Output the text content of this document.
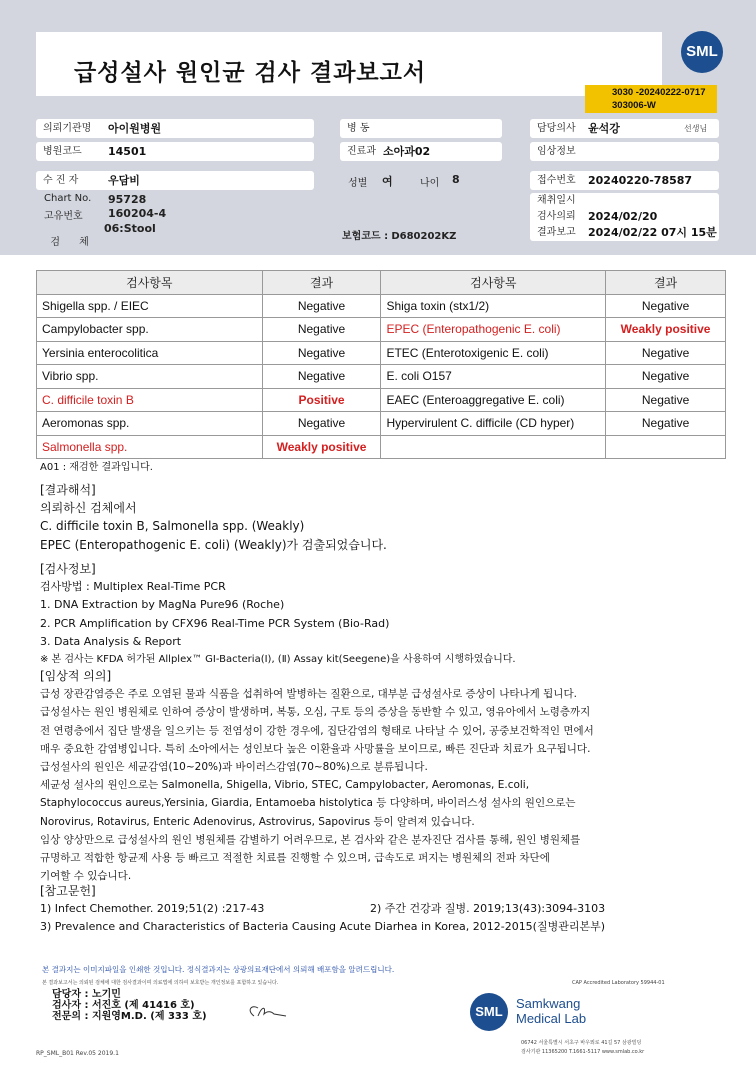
급성설사 원인균 검사 결과보고서
SML
3030 -20240222-0717
303006-W
의뢰기관명 아이원병원
병원코드 14501
수 진 자	우담비
Chart No. 95728
고유번호 160204-4

검      체

06:Stool

병 동
진료과 소아과02
성별 여	나이 8
보험코드 : D680202KZ
담당의사 윤석강	선생님
임상정보
접수번호 20240220-78587
채취일시
검사의뢰 2024/02/20
결과보고 2024/02/22 07시 15분
검사항목	결과	검사항목	결과
Shigella spp. / EIEC	Negative	Shiga toxin (stx1/2)	Negative
Campylobacter spp.	Negative	EPEC (Enteropathogenic E. coli)	Weakly positive
Yersinia enterocolitica	Negative	ETEC (Enterotoxigenic E. coli)	Negative
Vibrio spp.	Negative	E. coli O157	Negative
C. difficile toxin B	Positive	EAEC (Enteroaggregative E. coli)	Negative
Aeromonas spp.	Negative	Hypervirulent C. difficile (CD hyper)	Negative
Salmonella spp.	Weakly positive		
A01 : 재검한 결과입니다.
[결과해석]
의뢰하신 검체에서
C. difficile toxin B, Salmonella spp. (Weakly)
EPEC (Enteropathogenic E. coli) (Weakly)가 검출되었습니다.
[검사정보]
검사방법 : Multiplex Real-Time PCR
1. DNA Extraction by MagNa Pure96 (Roche)
2. PCR Amplification by CFX96 Real-Time PCR System (Bio-Rad)
3. Data Analysis & Report
※ 본 검사는 KFDA 허가된 Allplex™ GI-Bacteria(Ⅰ), (Ⅱ) Assay kit(Seegene)을 사용하여 시행하였습니다.
[임상적 의의]
급성 장관감염증은 주로 오염된 물과 식품을 섭취하여 발병하는 질환으로, 대부분 급성설사로 증상이 나타나게 됩니다.
급성설사는 원인 병원체로 인하여 증상이 발생하며, 복통, 오심, 구토 등의 증상을 동반할 수 있고, 영유아에서 노령층까지
전 연령층에서 집단 발생을 일으키는 등 전염성이 강한 경우에, 집단감염의 형태로 나타날 수 있어, 공중보건학적인 면에서
매우 중요한 감염병입니다. 특히 소아에서는 성인보다 높은 이환율과 사망률을 보이므로, 빠른 진단과 치료가 요구됩니다.
급성설사의 원인은 세균감염(10~20%)과 바이러스감염(70~80%)으로 분류됩니다.
세균성 설사의 원인으로는 Salmonella, Shigella, Vibrio, STEC, Campylobacter, Aeromonas, E.coli,
Staphylococcus aureus,Yersinia, Giardia, Entamoeba histolytica 등 다양하며, 바이러스성 설사의 원인으로는
Norovirus, Rotavirus, Enteric Adenovirus, Astrovirus, Sapovirus 등이 알려져 있습니다.
임상 양상만으로 급성설사의 원인 병원체를 감별하기 어려우므로, 본 검사와 같은 분자진단 검사를 통해, 원인 병원체를
규명하고 적합한 항균제 사용 등 빠르고 적절한 치료를 진행할 수 있으며, 급속도로 퍼지는 병원체의 전파 차단에
기여할 수 있습니다.
[참고문헌]
1) Infect Chemother. 2019;51(2) :217-43	2) 주간 건강과 질병. 2019;13(43):3094-3103
3) Prevalence and Characteristics of Bacteria Causing Acute Diarhea in Korea, 2012-2015(질병관리본부)
본 결과지는 이미지파일을 인쇄한 것입니다. 정식결과지는 상광의료재단에서 의뢰해 배포함을 알려드립니다.
본 결과보고서는 의뢰된 검체에 대한 검사결과이며 의료법에 의하여 보호받는 개인정보를 포함하고 있습니다.	CAP Accredited Laboratory 59944-01
담당자 : 노기민
검사자 : 서진호 (제 41416 호)
전문의 : 지원영M.D. (제 333 호)	SML
Samkwang
Medical Lab
06742 서울특별시 서초구 바우뫼로 41길 57 삼광빌딩
검사기관 11365200 T.1661-5117 www.smlab.co.kr
RP_SML_B01 Rev.05 2019.1
